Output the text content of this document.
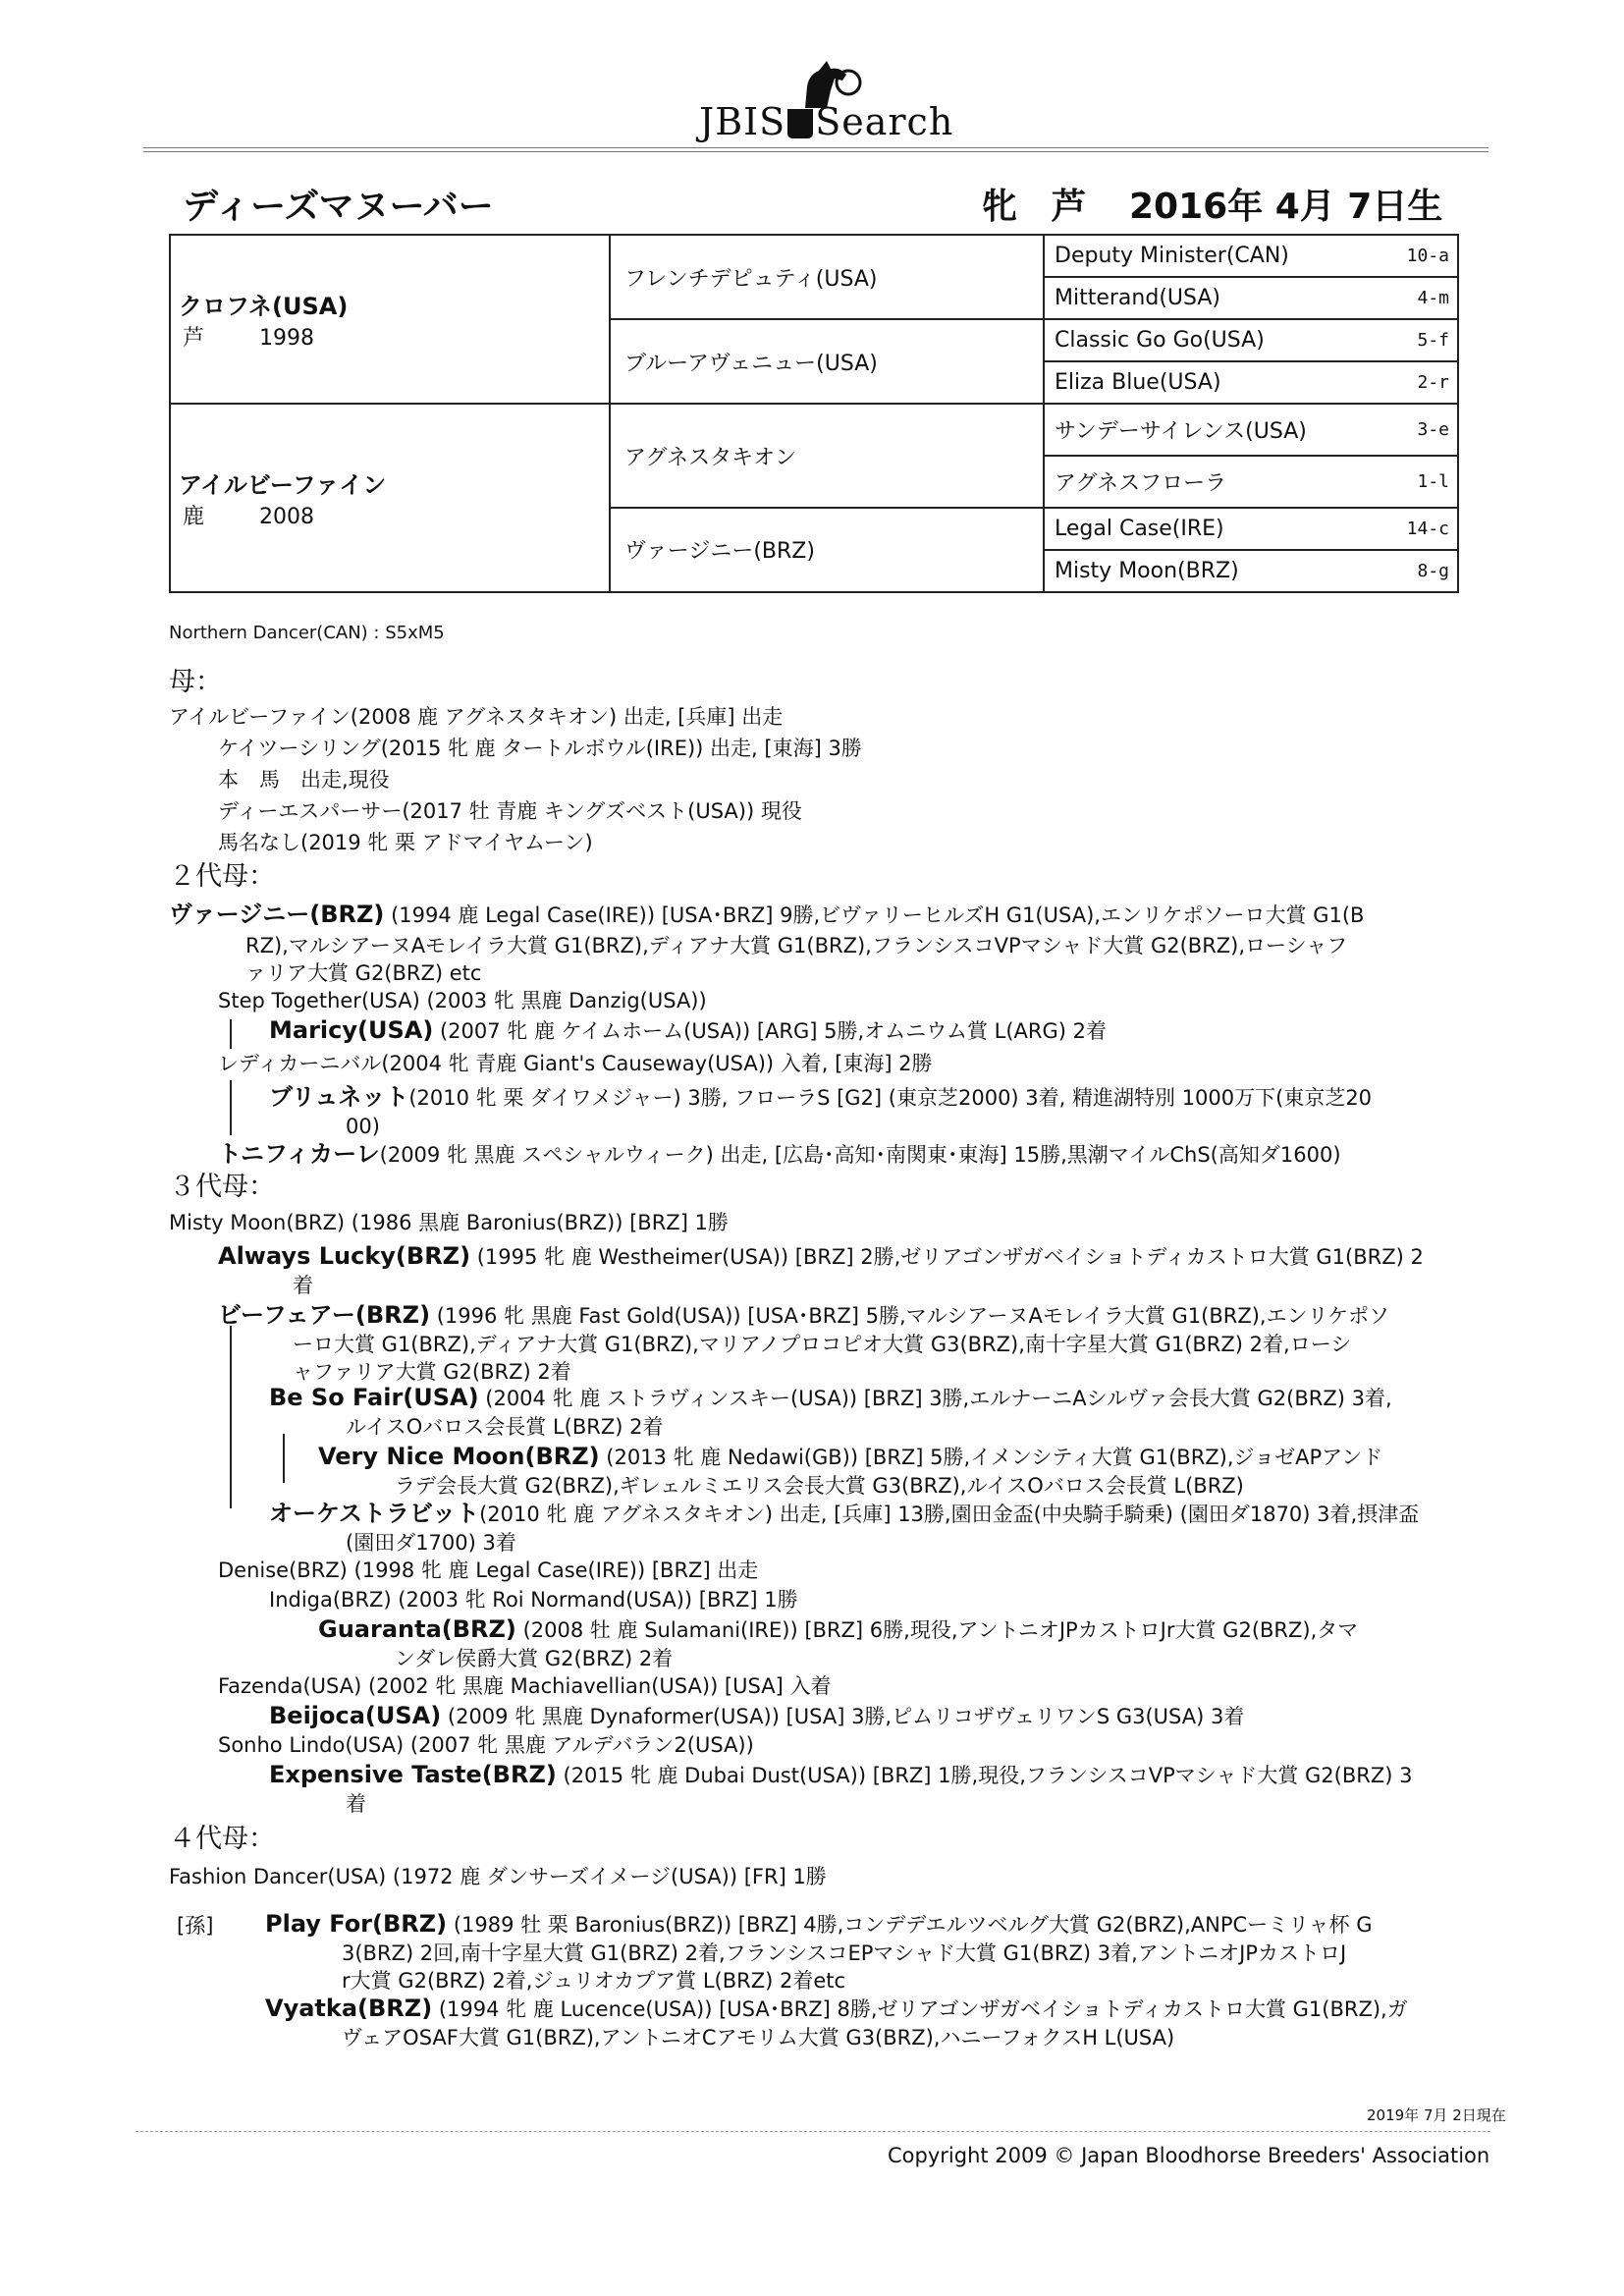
JBIS Search
ディーズマヌーバー	牝 芦 2016年 4月 7日生
クロフネ(USA)
芦 1998	フレンチデピュティ(USA)	Deputy Minister(CAN) 10-a

		Mitterand(USA) 4-m

	ブルーアヴェニュー(USA)	Classic Go Go(USA) 5-f

		Eliza Blue(USA) 2-r

アイルビーファイン
鹿 2008	アグネスタキオン	サンデーサイレンス(USA) 3-e

		アグネスフローラ 1-l

	ヴァージニー(BRZ)	Legal Case(IRE) 14-c

		Misty Moon(BRZ) 8-g
Northern Dancer(CAN) : S5xM5
母：
アイルビーファイン(2008 鹿 アグネスタキオン) 出走, [兵庫] 出走
ケイツーシリング(2015 牝 鹿 タートルボウル(IRE)) 出走, [東海] 3勝
本　馬　出走,現役
ディーエスパーサー(2017 牡 青鹿 キングズベスト(USA)) 現役
馬名なし(2019 牝 栗 アドマイヤムーン)
２代母：
ヴァージニー(BRZ) (1994 鹿 Legal Case(IRE)) [USA･BRZ] 9勝,ビヴァリーヒルズH G1(USA),エンリケポソーロ大賞 G1(B
RZ),マルシアーヌAモレイラ大賞 G1(BRZ),ディアナ大賞 G1(BRZ),フランシスコVPマシャド大賞 G2(BRZ),ローシャフ
ァリア大賞 G2(BRZ) etc
Step Together(USA) (2003 牝 黒鹿 Danzig(USA))
Maricy(USA) (2007 牝 鹿 ケイムホーム(USA)) [ARG] 5勝,オムニウム賞 L(ARG) 2着
レディカーニバル(2004 牝 青鹿 Giant's Causeway(USA)) 入着, [東海] 2勝
ブリュネット(2010 牝 栗 ダイワメジャー) 3勝, フローラS [G2] (東京芝2000) 3着, 精進湖特別 1000万下(東京芝20
00)
トニフィカーレ(2009 牝 黒鹿 スペシャルウィーク) 出走, [広島･高知･南関東･東海] 15勝,黒潮マイルChS(高知ダ1600)
３代母：
Misty Moon(BRZ) (1986 黒鹿 Baronius(BRZ)) [BRZ] 1勝
Always Lucky(BRZ) (1995 牝 鹿 Westheimer(USA)) [BRZ] 2勝,ゼリアゴンザガベイショトディカストロ大賞 G1(BRZ) 2
着
ビーフェアー(BRZ) (1996 牝 黒鹿 Fast Gold(USA)) [USA･BRZ] 5勝,マルシアーヌAモレイラ大賞 G1(BRZ),エンリケポソ
ーロ大賞 G1(BRZ),ディアナ大賞 G1(BRZ),マリアノプロコピオ大賞 G3(BRZ),南十字星大賞 G1(BRZ) 2着,ローシ
ャファリア大賞 G2(BRZ) 2着
Be So Fair(USA) (2004 牝 鹿 ストラヴィンスキー(USA)) [BRZ] 3勝,エルナーニAシルヴァ会長大賞 G2(BRZ) 3着,
ルイスOバロス会長賞 L(BRZ) 2着
Very Nice Moon(BRZ) (2013 牝 鹿 Nedawi(GB)) [BRZ] 5勝,イメンシティ大賞 G1(BRZ),ジョゼAPアンド
ラデ会長大賞 G2(BRZ),ギレェルミエリス会長大賞 G3(BRZ),ルイスOバロス会長賞 L(BRZ)
オーケストラビット(2010 牝 鹿 アグネスタキオン) 出走, [兵庫] 13勝,園田金盃(中央騎手騎乗) (園田ダ1870) 3着,摂津盃
(園田ダ1700) 3着
Denise(BRZ) (1998 牝 鹿 Legal Case(IRE)) [BRZ] 出走
Indiga(BRZ) (2003 牝 Roi Normand(USA)) [BRZ] 1勝
Guaranta(BRZ) (2008 牡 鹿 Sulamani(IRE)) [BRZ] 6勝,現役,アントニオJPカストロJr大賞 G2(BRZ),タマ
ンダレ侯爵大賞 G2(BRZ) 2着
Fazenda(USA) (2002 牝 黒鹿 Machiavellian(USA)) [USA] 入着
Beijoca(USA) (2009 牝 黒鹿 Dynaformer(USA)) [USA] 3勝,ピムリコザヴェリワンS G3(USA) 3着
Sonho Lindo(USA) (2007 牝 黒鹿 アルデバラン2(USA))
Expensive Taste(BRZ) (2015 牝 鹿 Dubai Dust(USA)) [BRZ] 1勝,現役,フランシスコVPマシャド大賞 G2(BRZ) 3
着
４代母：
Fashion Dancer(USA) (1972 鹿 ダンサーズイメージ(USA)) [FR] 1勝
Play For(BRZ) (1989 牡 栗 Baronius(BRZ)) [BRZ] 4勝,コンデデエルツベルグ大賞 G2(BRZ),ANPCーミリャ杯 G
3(BRZ) 2回,南十字星大賞 G1(BRZ) 2着,フランシスコEPマシャド大賞 G1(BRZ) 3着,アントニオJPカストロJ
r大賞 G2(BRZ) 2着,ジュリオカプア賞 L(BRZ) 2着etc
Vyatka(BRZ) (1994 牝 鹿 Lucence(USA)) [USA･BRZ] 8勝,ゼリアゴンザガベイショトディカストロ大賞 G1(BRZ),ガ
ヴェアOSAF大賞 G1(BRZ),アントニオCアモリム大賞 G3(BRZ),ハニーフォクスH L(USA)
[孫]
2019年 7月 2日現在
Copyright 2009 © Japan Bloodhorse Breeders' Association
